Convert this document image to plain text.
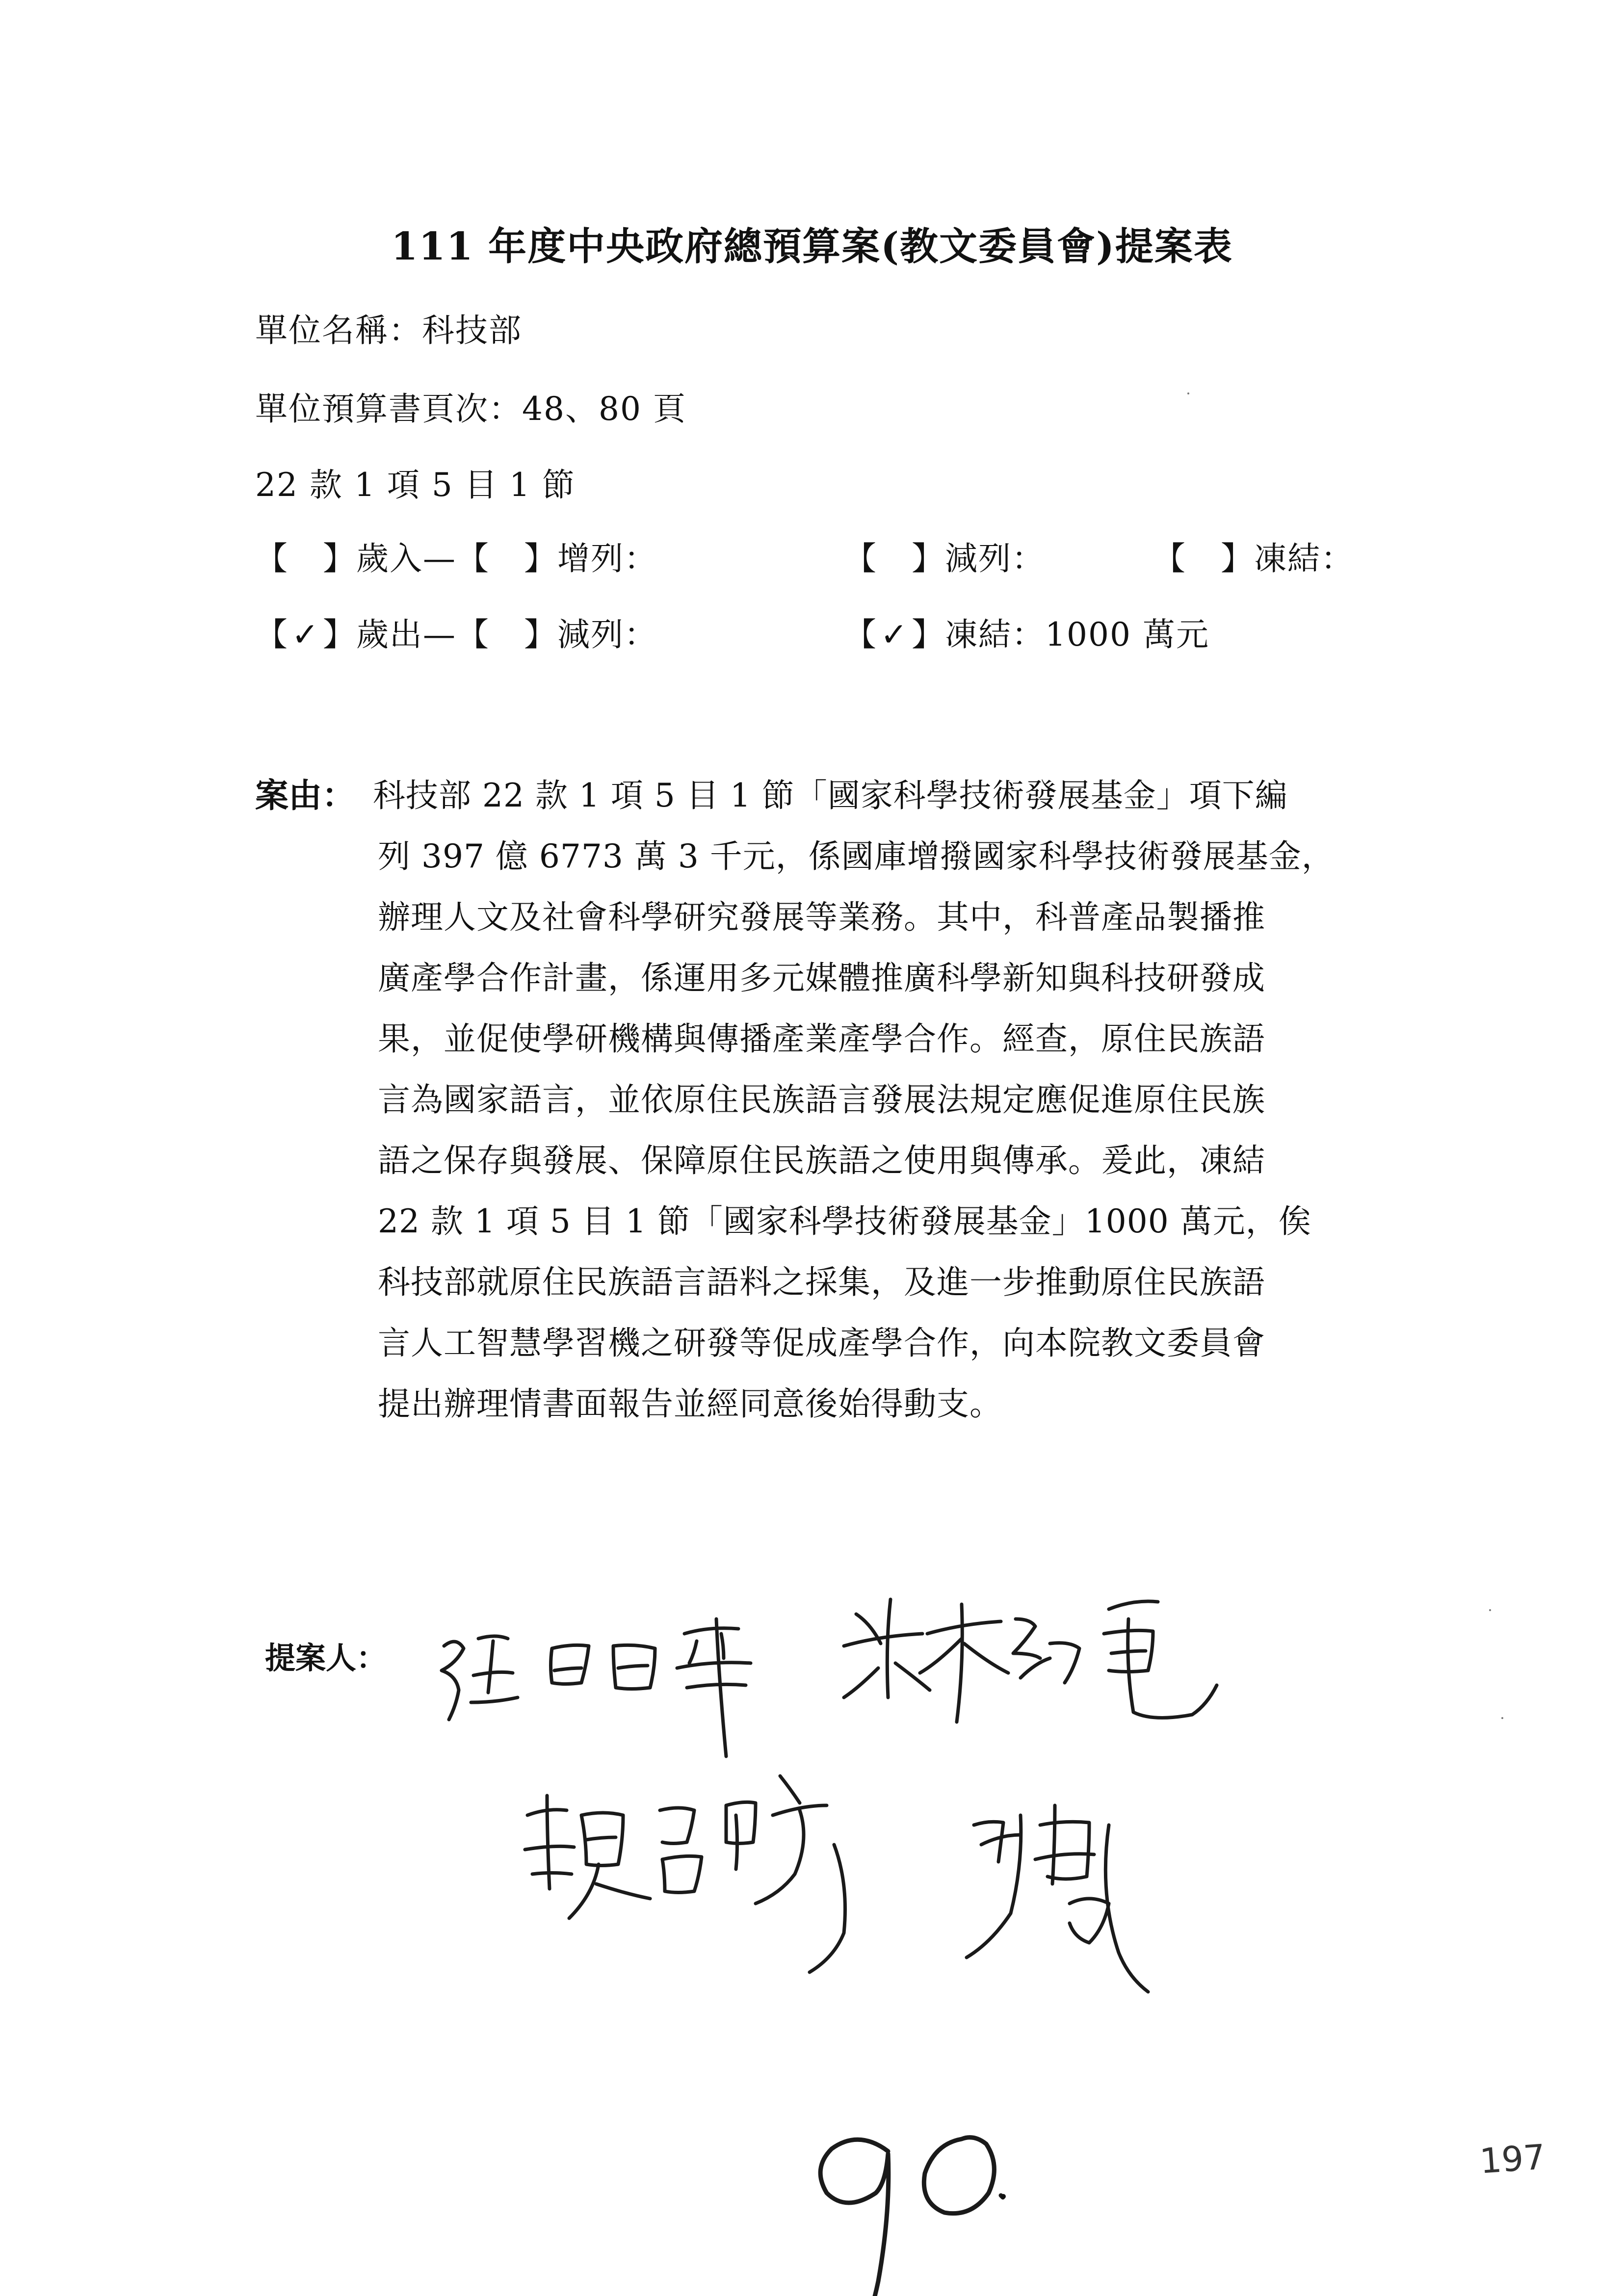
111 年度中央政府總預算案(教文委員會)提案表
單位名稱：科技部
單位預算書頁次：48、80 頁
22 款 1 項 5 目 1 節
【 】歲入—【 】增列：	【 】減列：	【 】凍結：
【✓】歲出—【 】減列：	【✓】凍結：1000 萬元
案由： 科技部 22 款 1 項 5 目 1 節「國家科學技術發展基金」項下編
列 397 億 6773 萬 3 千元，係國庫增撥國家科學技術發展基金，
辦理人文及社會科學研究發展等業務。其中，科普產品製播推
廣產學合作計畫，係運用多元媒體推廣科學新知與科技研發成
果，並促使學研機構與傳播產業產學合作。經查，原住民族語
言為國家語言，並依原住民族語言發展法規定應促進原住民族
語之保存與發展、保障原住民族語之使用與傳承。爰此，凍結
22 款 1 項 5 目 1 節「國家科學技術發展基金」1000 萬元，俟
科技部就原住民族語言語料之採集，及進一步推動原住民族語
言人工智慧學習機之研發等促成產學合作，向本院教文委員會
提出辦理情書面報告並經同意後始得動支。
提案人：
90.
197
